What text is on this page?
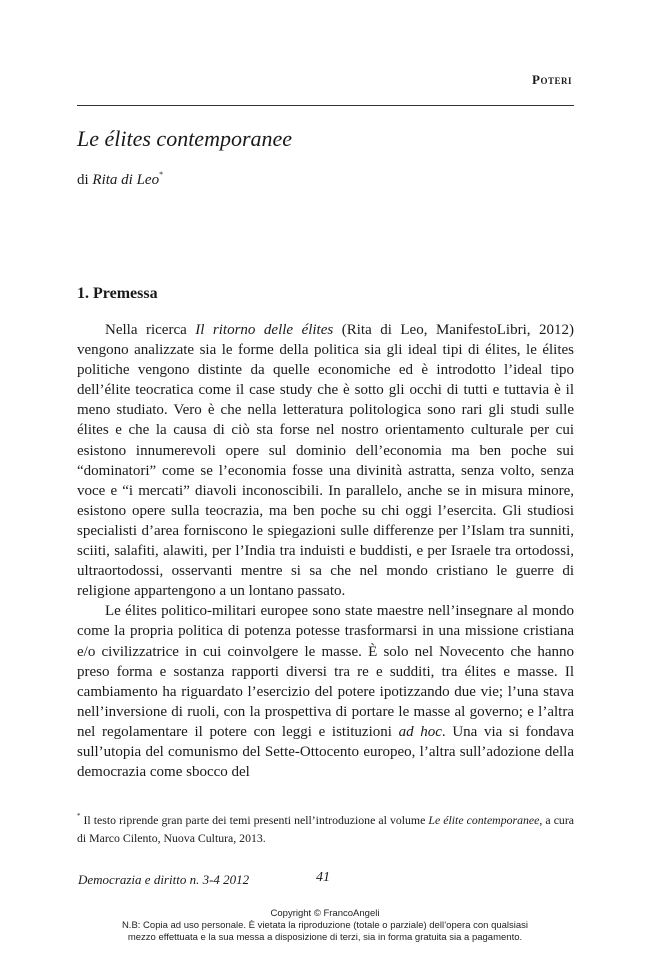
Poteri
Le élites contemporanee
di Rita di Leo*
1. Premessa

Nella ricerca Il ritorno delle élites (Rita di Leo, ManifestoLibri, 2012) vengono analizzate sia le forme della politica sia gli ideal tipi di élites, le élites politiche vengono distinte da quelle economiche ed è introdotto l’ideal tipo dell’élite teocratica come il case study che è sotto gli occhi di tutti e tuttavia è il meno studiato. Vero è che nella letteratura politologica sono rari gli studi sulle élites e che la causa di ciò sta forse nel nostro orientamento culturale per cui esistono innumerevoli opere sul dominio dell’economia ma ben poche sui “dominatori” come se l’economia fosse una divinità astratta, senza volto, senza voce e “i mercati” diavoli inconoscibili. In parallelo, anche se in misura minore, esistono opere sulla teocrazia, ma ben poche su chi oggi l’esercita. Gli studiosi specialisti d’area forniscono le spiegazioni sulle differenze per l’Islam tra sunniti, sciiti, salafiti, alawiti, per l’India tra induisti e buddisti, e per Israele tra ortodossi, ultraortodossi, osservanti mentre si sa che nel mondo cristiano le guerre di religione appartengono a un lontano passato.

Le élites politico-militari europee sono state maestre nell’insegnare al mondo come la propria politica di potenza potesse trasformarsi in una missione cristiana e/o civilizzatrice in cui coinvolgere le masse. È solo nel Novecento che hanno preso forma e sostanza rapporti diversi tra re e sudditi, tra élites e masse. Il cambiamento ha riguardato l’esercizio del potere ipotizzando due vie; l’una stava nell’inversione di ruoli, con la prospettiva di portare le masse al governo; e l’altra nel regolamentare il potere con leggi e istituzioni ad hoc. Una via si fondava sull’utopia del comunismo del Sette-Ottocento europeo, l’altra sull’adozione della democrazia come sbocco del

* Il testo riprende gran parte dei temi presenti nell’introduzione al volume Le élite contemporanee, a cura di Marco Cilento, Nuova Cultura, 2013.
Democrazia e diritto n. 3-4 2012	41
Copyright © FrancoAngeli
N.B: Copia ad uso personale. È vietata la riproduzione (totale o parziale) dell’opera con qualsiasi
mezzo effettuata e la sua messa a disposizione di terzi, sia in forma gratuita sia a pagamento.
